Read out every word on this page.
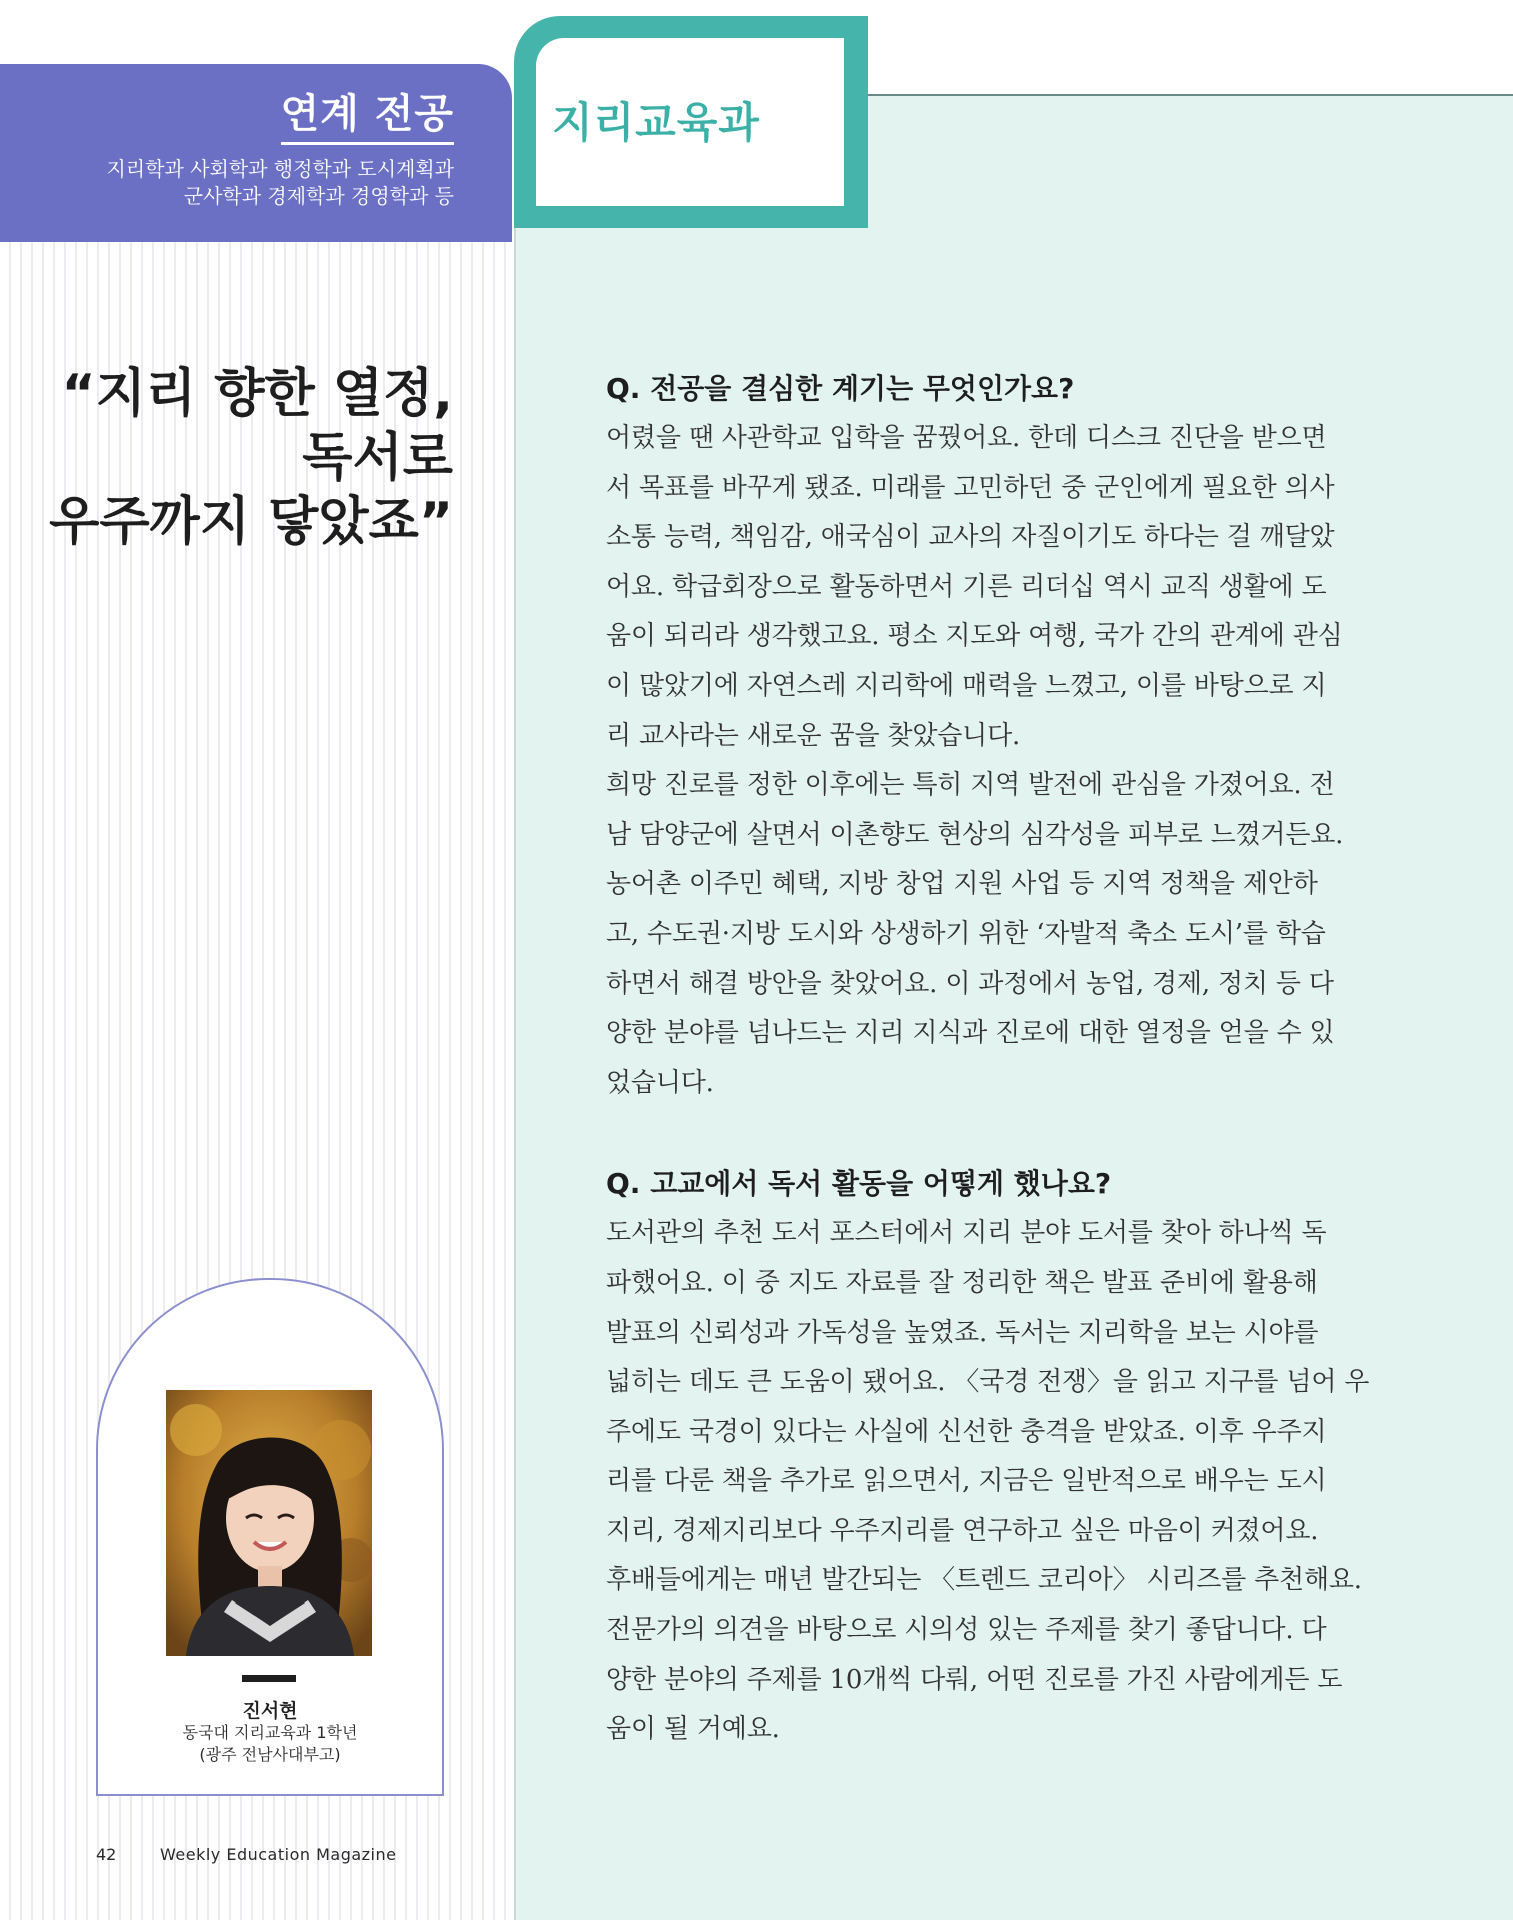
연계 전공
지리학과 사회학과 행정학과 도시계획과
군사학과 경제학과 경영학과 등
지리교육과
“지리 향한 열정,
독서로
우주까지 닿았죠”
진서현
동국대 지리교육과 1학년
(광주 전남사대부고)
42	Weekly Education Magazine

Q. 전공을 결심한 계기는 무엇인가요?

어렸을 땐 사관학교 입학을 꿈꿨어요. 한데 디스크 진단을 받으면

서 목표를 바꾸게 됐죠. 미래를 고민하던 중 군인에게 필요한 의사

소통 능력, 책임감, 애국심이 교사의 자질이기도 하다는 걸 깨달았

어요. 학급회장으로 활동하면서 기른 리더십 역시 교직 생활에 도

움이 되리라 생각했고요. 평소 지도와 여행, 국가 간의 관계에 관심

이 많았기에 자연스레 지리학에 매력을 느꼈고, 이를 바탕으로 지

리 교사라는 새로운 꿈을 찾았습니다.

희망 진로를 정한 이후에는 특히 지역 발전에 관심을 가졌어요. 전

남 담양군에 살면서 이촌향도 현상의 심각성을 피부로 느꼈거든요.

농어촌 이주민 혜택, 지방 창업 지원 사업 등 지역 정책을 제안하

고, 수도권·지방 도시와 상생하기 위한 ‘자발적 축소 도시’를 학습

하면서 해결 방안을 찾았어요. 이 과정에서 농업, 경제, 정치 등 다

양한 분야를 넘나드는 지리 지식과 진로에 대한 열정을 얻을 수 있

었습니다.

Q. 고교에서 독서 활동을 어떻게 했나요?

도서관의 추천 도서 포스터에서 지리 분야 도서를 찾아 하나씩 독

파했어요. 이 중 지도 자료를 잘 정리한 책은 발표 준비에 활용해

발표의 신뢰성과 가독성을 높였죠. 독서는 지리학을 보는 시야를

넓히는 데도 큰 도움이 됐어요. 〈국경 전쟁〉을 읽고 지구를 넘어 우

주에도 국경이 있다는 사실에 신선한 충격을 받았죠. 이후 우주지

리를 다룬 책을 추가로 읽으면서, 지금은 일반적으로 배우는 도시

지리, 경제지리보다 우주지리를 연구하고 싶은 마음이 커졌어요.

후배들에게는 매년 발간되는 〈트렌드 코리아〉 시리즈를 추천해요.

전문가의 의견을 바탕으로 시의성 있는 주제를 찾기 좋답니다. 다

양한 분야의 주제를 10개씩 다뤄, 어떤 진로를 가진 사람에게든 도

움이 될 거예요.
